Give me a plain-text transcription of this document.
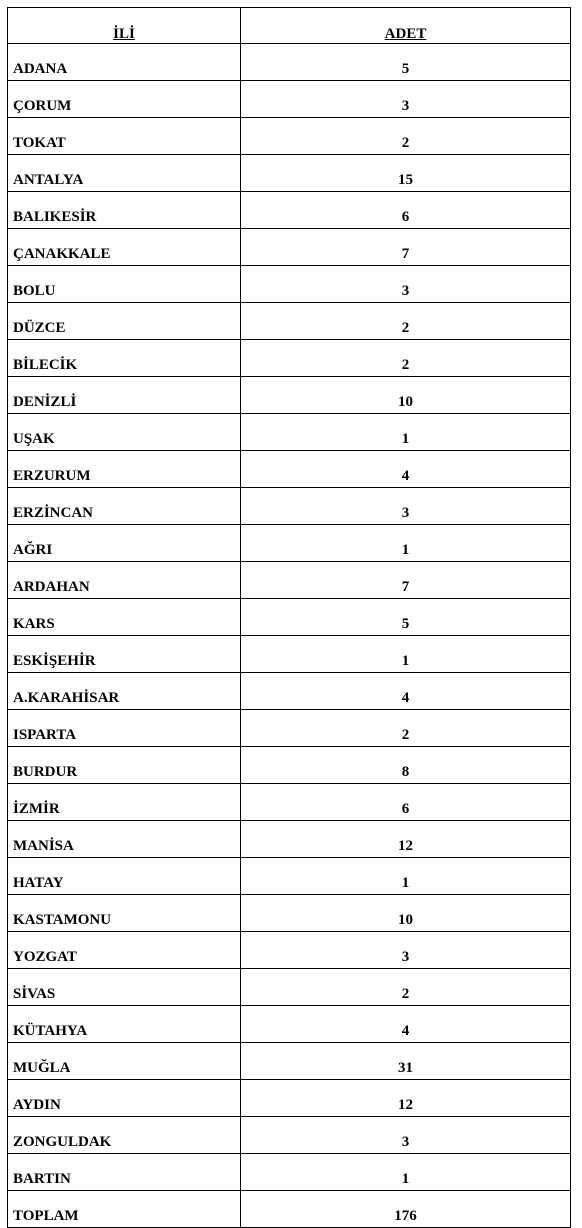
İLİ	ADET
ADANA	5
ÇORUM	3
TOKAT	2
ANTALYA	15
BALIKESİR	6
ÇANAKKALE	7
BOLU	3
DÜZCE	2
BİLECİK	2
DENİZLİ	10
UŞAK	1
ERZURUM	4
ERZİNCAN	3
AĞRI	1
ARDAHAN	7
KARS	5
ESKİŞEHİR	1
A.KARAHİSAR	4
ISPARTA	2
BURDUR	8
İZMİR	6
MANİSA	12
HATAY	1
KASTAMONU	10
YOZGAT	3
SİVAS	2
KÜTAHYA	4
MUĞLA	31
AYDIN	12
ZONGULDAK	3
BARTIN	1
TOPLAM	176
